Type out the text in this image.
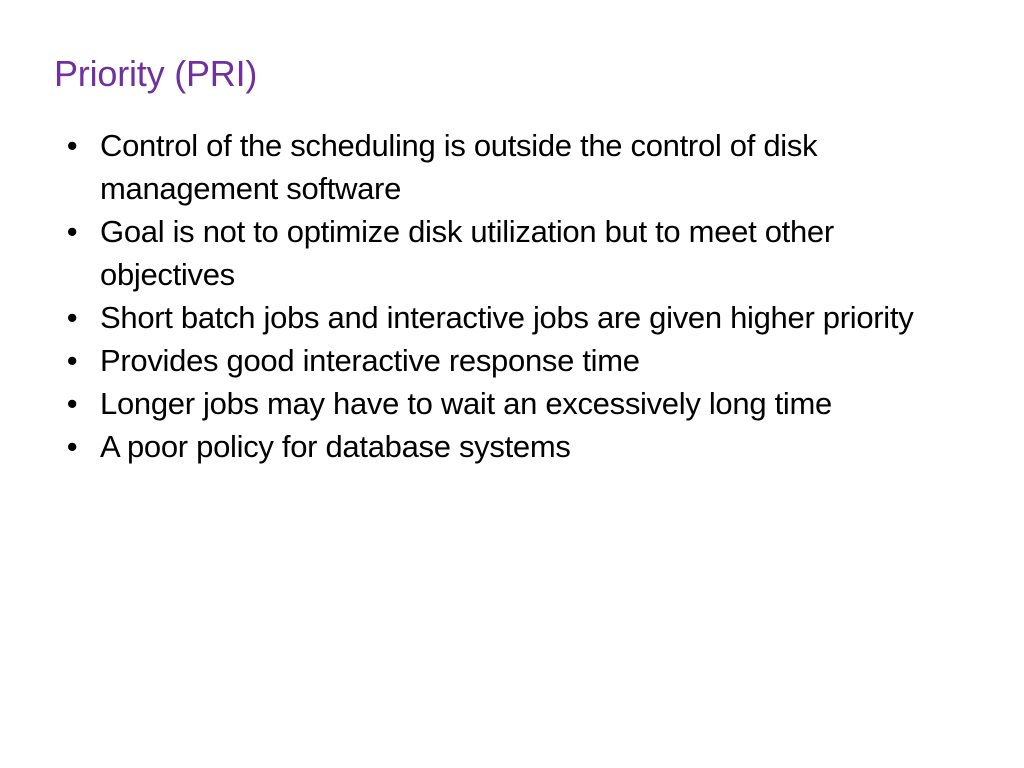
Priority (PRI)
• Control of the scheduling is outside the control of disk management software
• Goal is not to optimize disk utilization but to meet other objectives
• Short batch jobs and interactive jobs are given higher priority
• Provides good interactive response time
• Longer jobs may have to wait an excessively long time
• A poor policy for database systems
